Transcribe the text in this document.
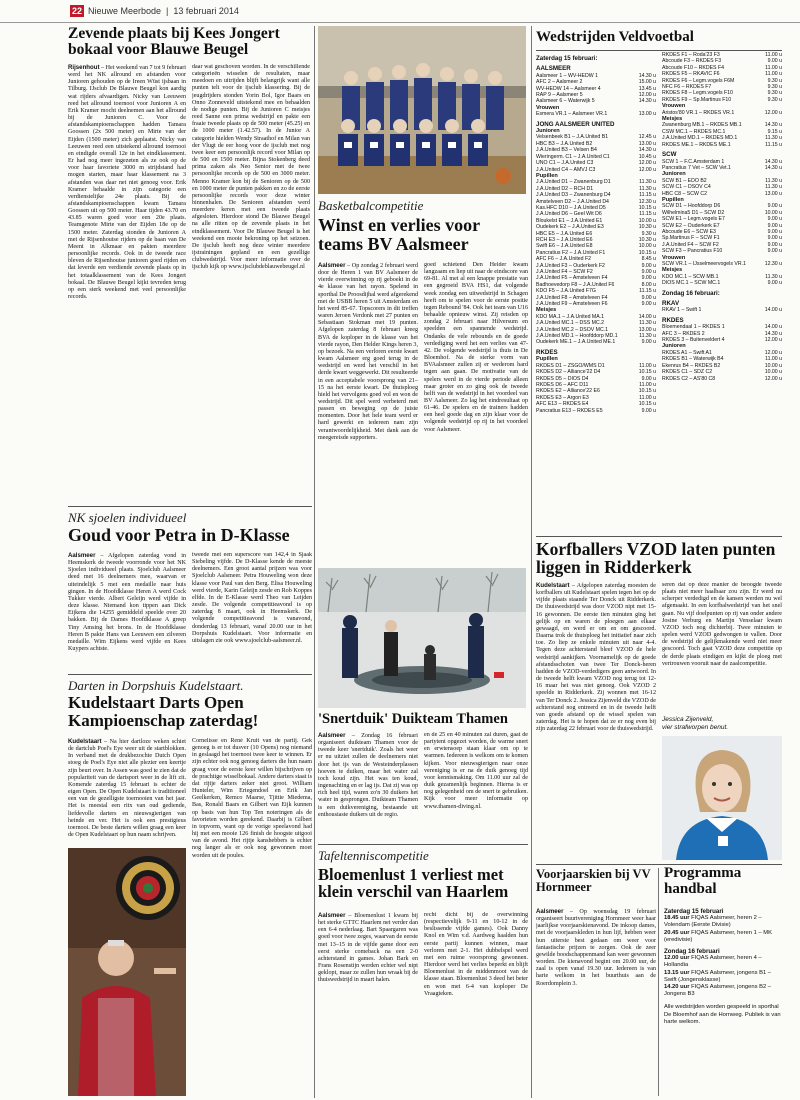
22 Nieuwe Meerbode  |  13 februari 2014
Zevende plaats bij Kees Jongert bokaal voor Blauwe Beugel
Rijsenhout – Het weekend van 7 tot 9 februari werd het NK allround en afstanden voor Junioren gehouden op de Ireen Wüst ijsbaan in Tilburg. IJsclub De Blauwe Beugel kon aardig wat rijders afvaardigen. Nicky van Leeuwen reed het allround toernooi voor Junioren A en Erik Kramer mocht deelnemen aan het allround bij de Junioren C. Voor de afstandskampioenschappen hadden Tamara Goossen (2x 500 meter) en Mirte van der Eijden (1500 meter) zich geplaatst. Nicky van Leeuwen reed een uitstekend allround toernooi en eindigde overall 12e in het eindklassement. Er had nog meer ingezeten als ze ook op de voor haar favoriete 3000 m strijdstand had mogen starten, maar haar klassement na 3 afstanden was daar net niet genoeg voor. Erik Kramer behaalde in zijn categorie een verdienstelijke 24e plaats. Bij de afstandskampioenschappen kwam Tamara Goossen uit op 500 meter. Haar tijden 43.70 en 43.85 waren goed voor een 20e plaats. Teamgenote Mirte van der Eijden 18e op de 1500 meter. Zaterdag stonden de Junioren A met de Rijsenhoutse rijders op de baan van De Meent in Alkmaar en pakten meerdere persoonlijke records. Ook in de tweede race bleven de Rijsenhoutse junioren goed rijden en dat leverde een verdiende zevende plaats op in het totaalklassement van de Kees Jongert bokaal. De Blauwe Beugel kijkt tevreden terug op een sterk weekend met veel persoonlijke records.
daar wat geschoven worden. In de verschillende categorieën wisselen de resultaten, maar meedoen en uitrijden blijft belangrijk want alle punten telt voor de ijsclub klassering. Bij de jeugdrijders stonden Yorin Bol, Igor Baars en Onno Zonneveld uitstekend mee en behaalden de nodige punten. Bij de Junioren C meisjes reed Sanne een prima wedstrijd en pakte een fraaie tweede plaats op de 500 meter (45.25) en de 1000 meter (1.42.57). In de Junior A categorie hielden Wendy Straathof en Milan van der Vlugt de eer hoog voor de ijsclub met nog twee keer een persoonlijk record voor Milan op de 500 en 1500 meter. Bijna Stokenberg deed prima zaken als Neo Senior met de twee persoonlijke records op de 500 en 3000 meter. Menno Kramer kon bij de Senioren op de 500 en 1000 meter de punten pakken en zo de eerste persoonlijke records voor deze winter binnenhalen. De Senioren afstanden werd meerdere keren met een tweede plaats afgesloten. Hierdoor stond De Blauwe Beugel na alle ritten op de zevende plaats in het eindklassement. Voor De Blauwe Beugel is het weekend een mooie bekroning op het seizoen. De ijsclub heeft nog deze winter meerdere ijstrainingen gepland en een gezellige clubwedstrijd. Voor meer informatie over de ijsclub kijk op www.ijsclubdeblauwebeugel.nl
Basketbalcompetitie
Winst en verlies voor teams BV Aalsmeer
Aalsmeer – Op zondag 2 februari werd door de Heren 1 van BV Aalsmeer de vierde overwinning op rij geboekt in de 4e klasse van het rayon. Spelend in sporthal De Proosdijhal werd afgerekend met de USBB heren 5 uit Amsterdam en het werd 85-67. Topscorers in dit treffen waren Jeroen Verdonk met 27 punten en Sebastiaan Stokman met 19 punten. Afgelopen zaterdag 8 februari kreeg BVA de koploper in de klasse van het vierde rayon, Den Helder Kings heren 3, op bezoek. Na een verloren eerste kwart kwam Aalsmeer erg goed terug in de wedstrijd en werd het verschil in het derde kwart weggewerkt. Dit resulteerde in een acceptabele voorsprong van 21–15 na het eerste kwart. De thuisploeg hield het vervolgens goed vol en won de wedstrijd. Dit spel werd verbeterd met passen en beweging op de juiste momenten. Door het hele team werd er hard gewerkt en iedereen nam zijn verantwoordelijkheid. Met dank aan de meegereisde supporters.
goed schietend Den Helder kwam langzaam en liep uit naar de eindscore van 69-81. Al met al een knappe prestatie van een gegroeid BVA HS1, dat volgende week zondag een uitwedstrijd in Schagen heeft om te spelen voor de eerste positie tegen Rebound '84. Ook het team van U16 behaalde opnieuw winst. Zij reisden op zondag 2 februari naar Hilversum en speelden een spannende wedstrijd. Ondanks de vele rebounds en de goede verdediging werd het een verlies van 47-42. De volgende wedstrijd is thuis in De Bloemhof. Na de sterke vorm van BVAalsmeer zullen zij er wederom hard tegen aan gaan. De motivatie van de spelers werd in de vierde periode alleen maar groter en zo ging ook de tweede helft van de wedstrijd in het voordeel van BV Aalsmeer. Zo lag het eindresultaat op 61-46. De spelers en de trainers hadden een heel goede dag en zijn klaar voor de volgende wedstrijd op rij in het voordeel voor Aalsmeer.
Wedstrijden Veldvoetbal
Zaterdag 15 februari:
AALSMEER
Aalsmeer 1 – WV-HEDW 1	14.30 u
AFC 2 – Aalsmeer 2	15.00 u
WV-HEDW 14 – Aalsmeer 4	13.45 u
RAP 9 – Aalsmeer 5	12.00 u
Aalsmeer 6 – Waterwijk 5	14.30 u
Vrouwen
Esmera VR.1 – Aalsmeer VR.1	13.00 u
JONG AALSMEER UNITED
Junioren
Velsenbeek B1 – J.A.United B1	12.45 u
HBC B3 – J.A.United B2	13.00 u
J.A.United B3 – Velsen B4	14.30 u
Wieringerm. C1 – J.A.United C1	10.45 u
UNO C1 – J.A.United C3	12.00 u
J.A.United C4 – AMVJ C3	12.00 u
Pupillen
J.A.United D1 – Zwanenburg D1	11.30 u
J.A.United D2 – RCH D1	11.30 u
J.A.United D3 – Zwanenburg D4	11.15 u
Amstelveen D2 – J.A.United D4	12.30 u
Kas.HFC D10 – J.A.United D5	10.15 u
J.A.United D6 – Geel Wit D6	11.15 u
Bloukelst E1 – J.A.United E1	10.00 u
Oudekerk E2 – J.A.United E3	10.30 u
HBC E5 – J.A.United E6	9.30 u
RCH E3 – J.A.United E6	10.30 u
Swift E6 – J.A.United E8	10.00 u
Pancratius F2 – J.A.United F1	10.15 u
AFC F6 – J.A.United F2	8.45 u
J.A.United F3 – Ouderkerk F2	9.00 u
J.A.United F4 – SCW F2	9.00 u
J.A.United F5 – Amstelveen F4	9.00 u
Badhoevedorp F8 – J.A.United F6	8.00 u
KDO F5 – J.A.United F7G	11.15 u
J.A.United F8 – Amstelveen F4	9.00 u
J.A.United F9 – Amstelveen F6	9.00 u
Meisjes
KDO MA.1 – J.A.United MA.1	14.00 u
J.A.United MC.1 – DSS MC.2	11.30 u
J.A.United MC.2 – DSOV MC.1	13.00 u
J.A.United MD.1 – Hoofddorp MD.1	11.30 u
Oudekerk ME.1 – J.A.United ME.1	9.00 u
RKDES
Pupillen
RKDES D1 – ZSGO/WMS D1	11.00 u
RKDES D2 – Alliance'22 D4	10.15 u
RKDES D5 – DIOS D4	9.00 u
RKDES D6 – AFC D11	11.00 u
RKDES E2 – Alliance'22 E6	10.15 u
RKDES E3 – Argon E3	11.00 u
AFC E13 – RKDES E4	10.15 u
Pancratius E13 – RKDES E5	9.00 u
RKDES F1 – Roda'23 F3	11.00 u
Abcoude F3 – RKDES F3	9.00 u
Abcoude F10 – RKDES F4	11.00 u
RKDES F5 – RKAVIC F6	11.00 u
RKDES F6 – Legm.vogels F6M	9.30 u
NFC F6 – RKDES F7	9.30 u
RKDES F8 – Legm.vogels F10	9.30 u
RKDES F9 – Sp.Martinus F10	9.30 u
Vrouwen
Aristos'80 VR.1 – RKDES VR.1	12.00 u
Meisjes
Zwanenburg MB.1 – RKDES MB.1	14.30 u
CSW MC.1 – RKDES MC.1	9.15 u
J.A.United MD.1 – RKDES MD.1	11.30 u
RKDES ME.1 – RKDES ME.1	11.15 u
SCW
SCW 1 – F.C.Amsterdam 1	14.30 u
Pancratius 7 Vet – SCW Vet.1	14.30 u
Junioren
SCW B1 – EDO B2	11.30 u
SCW C1 – DSOV C4	11.30 u
HBC C8 – SCW C2	13.00 u
Pupillen
SCW D1 – Hoofddorp D6	9.00 u
Wilhelmina5 D1 – SCW D2	10.00 u
SCW E1 – Legm.vogels E7	9.00 u
SCW E2 – Ouderkerk E7	9.00 u
Abcoude E6 – SCW E3	9.00 u
Sp.Martinus F – SCW F1	9.00 u
J.A.United F4 – SCW F2	9.00 u
SCW F3 – Pancratius F10	9.00 u
Vrouwen
SCW VR.1 – IJsselmeervogels VR.1	12.30 u
Meisjes
KDO MC.1 – SCW MB.1	11.30 u
DIOS MC.1 – SCW MC.1	9.00 u
Zondag 16 februari:
RKAV
RKAV 1 – Swift 1	14.00 u
RKDES
Bloemendaal 1 – RKDES 1	14.00 u
AFC 3 – RKDES 2	14.30 u
RKDES 3 – Buitenveldert 4	12.00 u
Junioren
RKDES A1 – Swift A1	12.00 u
RKDES B1 – Waterwijk B4	11.00 u
Ekenrus B4 – RKDES B2	10.00 u
RKDES C1 – SDZ C2	10.00 u
RKDES C2 – AS'80 C8	12.00 u
NK sjoelen individueel
Goud voor Petra in D-Klasse
Aalsmeer – Afgelopen zaterdag vond in Heemskerk de tweede voorronde voor het NK Sjoelen individueel plaats. Sjoelclub Aalsmeer deed met 16 deelnemers mee, waarvan er uiteindelijk 5 met een medaille naar huis gingen. In de Hoofdklasse Heren A werd Cock Tukker vierde. Albert Geleijn werd vijfde in deze klasse. Niemand kon tippen aan Dick Eijkens die 14255 gemiddeld speelde over 20 bakken. Bij de Dames Hoofdklasse A greep Tiny Amsing het brons. In de Hoofdklasse Heren B pakte Hans van Leeuwen een zilveren medaille. Wim Eijkens werd vijfde en Kees Kuypers achtste.
tweede met een superscore van 142,4 in Sjaak Siebeling vijfde. De D-Klasse kende de meeste deelnemers. Een groot aantal prijzen was voor Sjoelclub Aalsmeer. Petra Houweling won deze klasse voor Paul van den Berg. Elisa Houweling werd vierde, Karin Geleijn zesde en Rob Koppes elfde. In de E-Klasse werd Theo van Leijden zesde. De volgende competitieavond is op zaterdag 8 maart, ook in Heemskerk. De volgende competitieavond is vanavond, donderdag 13 februari, vanaf 20.00 uur in het Dorpshuis Kudelstaart. Voor informatie en uitslagen zie ook www.sjoelclub-aalsmeer.nl.
Darten in Dorpshuis Kudelstaart.
Kudelstaart Darts Open Kampioenschap zaterdag!
Kudelstaart – Na hier dartloze weken schiet de dartclub Poel's Eye weer uit de startblokken. In verband met de drukbezochte Dutch Open stoeg de Poel's Eye niet alle plezier een keertje zijn beurt over. In Assen was goed te zien dat de populariteit van de dartsport weer in de lift zit. Komende zaterdag 15 februari is echter de eigen Open. De Open Kudelstaart is traditioneel een van de gezelligste toernooien van het jaar. Het is meestal een ritx van oud gediende, liefdevolle darters en nieuwsgierigen van heinde en ver. Het is ook een prestigieus toernooi. De beste darters willen graag een keer de Open Kudelstaart op hun naam schrijven.
Cornelisse en René Kruit van de partij. Gek genoeg is er tot dusver (10 Opens) nog niemand in geslaagd het toernooi twee keer te winnen. Er zijn echter ook nog genoeg darters die hun naam graag voor de eerste keer willen bijschrijven op de prachtige wisselbokaal. Andere darters staat is dat rijtje darters zeker niet groot. William Hunteler, Wim Eriegendoel en Erik Jan Geelkerken, Remco Maarse, Tjittie Miedema, Bas, Ronald Baars en Gilbert van Eijk kunnen op basis van hun Top Ten noteringen als de favorieten worden gerekend. Daarbij is Gilbert in topvorm, want op de vorige speelavond had hij met een mooie 126 finish de hoogste uitgooi van de avond. Het rijtje kanshebbers is echter nog langer als er ook nog gewonnen moet worden uit de poules.
'Snertduik' Duikteam Thamen
Aalsmeer – Zondag 16 februari organiseert duikteam Thamen voor de tweede keer 'snertduik'. Zoals het weer er nu uitziet zullen de deelnemers niet door het ijs van de Westeinderplassen hoeven te duiken, maar het water zal toch koud zijn. Het was ten koud, ingenachting en er lag ijs. Dat zij was op rich heel tijd, waren zo'n 30 duikers het water in gesprongen. Duikteam Thamen is een duikvereniging, bestaande uit enthousiaste duikers uit de regio.
en de 25 en 40 minuten zal duren, gaat de partytent opgezet worden, de warme snert en erwtensoep staan klaar om op te warmen. Iedereen is welkom om te komen kijken. Voor nieuwsgierigen naar onze vereniging is er na de duik genoeg tijd voor kennismaking. Om 11.00 uur zal de duik gezamenlijk beginnen. Hierna is er nog gelegenheid om de snert te gebruiken. Kijk voor meer informatie op www.thamen-diving.nl.
Tafeltenniscompetitie
Bloemenlust 1 verliest met klein verschil van Haarlem
Aalsmeer – Bloemenlust 1 kwam bij het sterke GTTC Haarlem net verder dan een 6-4 nederlaag. Bart Spaargaren was goed voor twee zeges, waarvan de eerste met 13–15 in de vijfde game door een eerst sterke comeback na een 2-0 achterstand in games. Johan Bark en Frans Rosenstijn werden echter wel nipt geklopt, maar ze zullen hun wraak bij de thuiswedstrijd in maart halen.
recht dicht bij de overwinning (respectievelijk 9-11 en 10-12 in de beslissende vijfde games). Ook Danny Knol en Wim v.d. Aardweg haalden hun eerste partij kunnen winnen, maar verloren met 2-1. Het dubbelspel werd met een ruime voorsprong gewonnen. Hierdoor werd het verlies beperkt en blijft Bloemenlust in de middenmoot van de klasse staan. Bloemenlust 3 deed het beter en won met 6-4 van koploper De Vraagteken.
Korfballers VZOD laten punten liggen in Ridderkerk
Kudelstaart – Afgelopen zaterdag moesten de korfballers uit Kudelstaart spelen tegen het op de vijfde plaats staande Ter Donck uit Ridderkerk. De thuiswedstrijd was door VZOD nipt met 15-16 gewonnen. De eerste tien minuten ging het gelijk op en waren de ploegen aan elkaar gewaagd, en werd er om en om gescoord. Daarna trok de thuisploeg het initiatief naar zich toe. Zo liep ze enkele minuten uit naar 4-4. Tegen deze achterstand bleef VZOD de hele wedstrijd aankijken. Voornamelijk op de goede afstandsschoten van twee Ter Donck-heren hadden de VZOD-verdedigers geen antwoord. In de tweede helft kwam VZOD nog terug tot 12-16 maar het was niet genoeg. Ook VZOD 2 speelde in Ridderkerk. Zij wonnen met 16-12 van Ter Donck 2. Jessica Zijenveld die VZOD de achterstand nog entreerd en in de tweede helft van goede afstand op de wissel spelen van zaterdag. Het is te hopen dat ze er nog even bij zijn zaterdag 22 februari voor de thuiswedstrijd.
seren dat op deze manier de beoogde tweede plaats niet meer haalbaar zou zijn. Er werd nu scherper verdedigd en de kansen werden nu wel afgemaakt. In een korfbalwedstrijd van het snel gaan. Nu vijf doelpunten op rij van onder andere Josine Verburg en Martijn Venselaar kwam VZOD toch nog dichterbij. Twee minuten te spelen werd VZOD gedwongen te vallen. Door de wedstrijd de gelijkmakende werd niet meer gescoord. Toch gaat VZOD deze competitie op de derde plaats eindigen en kijkt de ploeg met vertrouwen vooruit naar de zaalcompetitie.
Jessica Zijenveld,
vier strafworpen benut.
Voorjaarskien bij VV Hornmeer
Aalsmeer – Op woensdag 19 februari organiseert buurtvereniging Hornmeer weer haar jaarlijkse voorjaarskienavond. De inkoop dames, met de voorjaarskleden in hun lijf, hebben weer hun uiterste best gedaan om weer voor fantastische prijzen te zorgen. Ook de zeer gewilde boodschappenmand kan weer gewonnen worden. De kienavond begint om 20.00 uur, de zaal is open vanaf 19.30 uur. Iedereen is van harte welkom in het buurthuis aan de Roerdomplein 3.
Programma handbal
Zaterdag 15 februari
18.45 uur FIQAS Aalsmeer, heren 2 – Volendam (Eerste Divisie)
20.45 uur FIQAS Aalsmeer, heren 1 – MK (eredivisie)
Zondag 16 februari
12.00 uur FIQAS Aalsmeer, heren 4 – Hollandia
13.15 uur FIQAS Aalsmeer, jongens B1 – Swift (Jongensklasse)
14.20 uur FIQAS Aalsmeer, jongens B2 – Jongens B3
Alle wedstrijden worden gespeeld in sporthal De Bloemhof aan de Hornweg. Publiek is van harte welkom.
